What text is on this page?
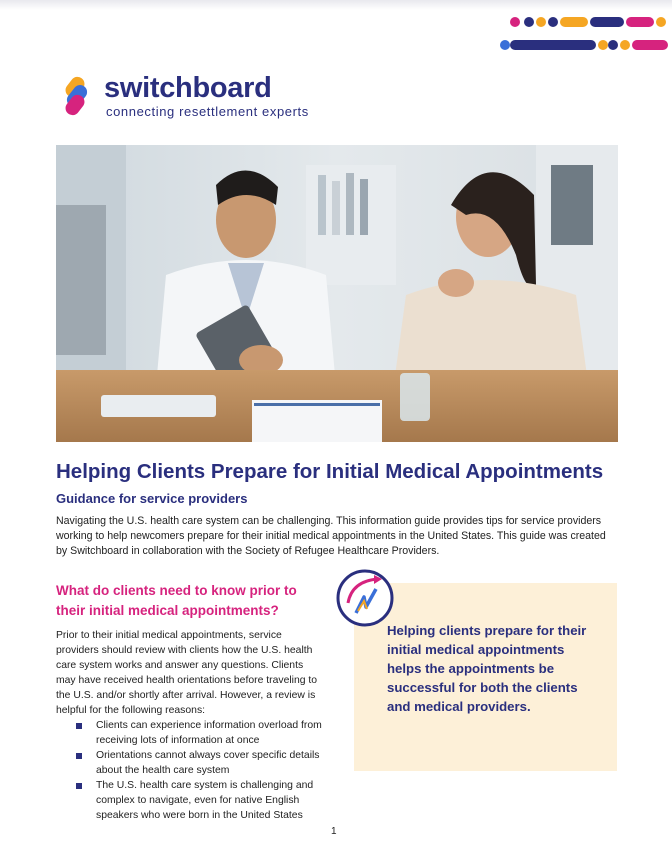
switchboard
connecting resettlement experts
Helping Clients Prepare for Initial Medical Appointments
Guidance for service providers
Navigating the U.S. health care system can be challenging. This information guide provides tips for service providers working to help newcomers prepare for their initial medical appointments in the United States. This guide was created by Switchboard in collaboration with the Society of Refugee Healthcare Providers.
What do clients need to know prior to their initial medical appointments?
Prior to their initial medical appointments, service providers should review with clients how the U.S. health care system works and answer any questions. Clients may have received health orientations before traveling to the U.S. and/or shortly after arrival. However, a review is helpful for the following reasons:
Clients can experience information overload from receiving lots of information at once
Orientations cannot always cover specific details about the health care system
The U.S. health care system is challenging and complex to navigate, even for native English speakers who were born in the United States
Helping clients prepare for their initial medical appointments helps the appointments be successful for both the clients and medical providers.
1
